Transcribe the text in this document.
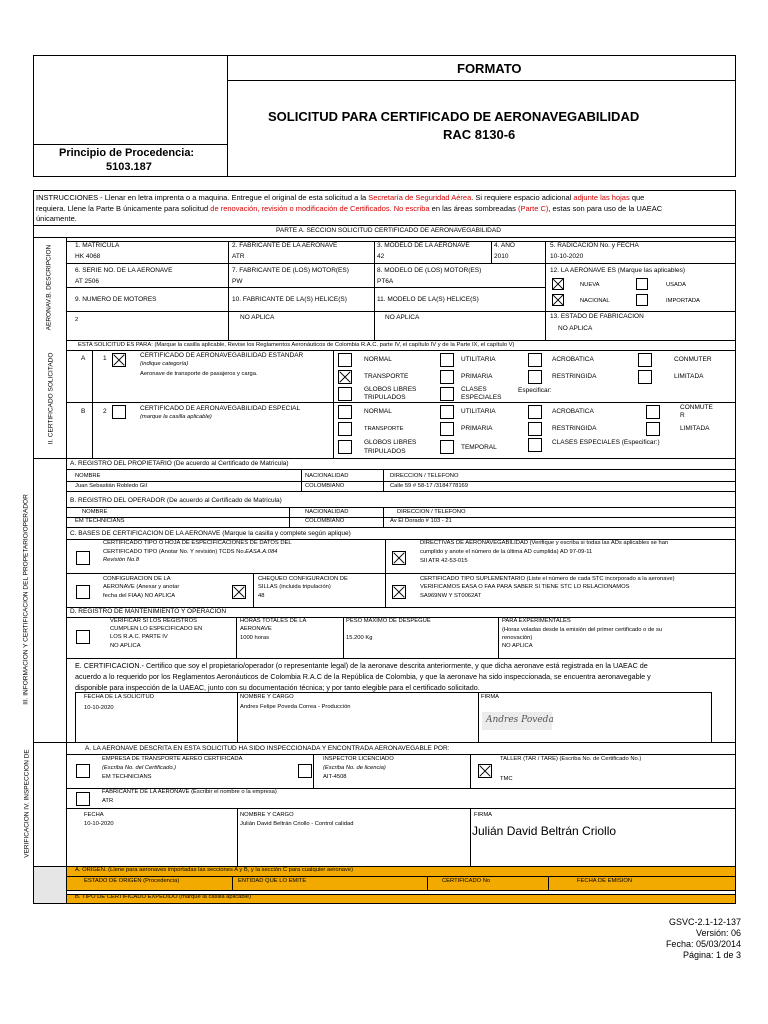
FORMATO
SOLICITUD PARA CERTIFICADO DE AERONAVEGABILIDAD
RAC 8130-6
Principio de Procedencia:
5103.187
INSTRUCCIONES - Llenar en letra imprenta o a maquina. Entregue el original de esta solicitud a la Secretaría de Seguridad Aérea. Si requiere espacio adicional adjunte las hojas que
requiera. Llene la Parte B únicamente para solicitud de renovación, revisión o modificación de Certificados. No escriba en las áreas sombreadas (Parte C), estas son para uso de la UAEAC
únicamente.
PARTE A. SECCION SOLICITUD CERTIFICADO DE AERONAVEGABILIDAD
AERONAV.B. DESCRIPCION	1. MATRICULA
HK 4068
2. FABRICANTE DE LA AERONAVE
ATR
3. MODELO DE LA AERONAVE
42
4. AÑO
2010
5. RADICACION No. y FECHA
10-10-2020
6. SERIE NO. DE LA AERONAVE
AT 2506
7. FABRICANTE DE (LOS) MOTOR(ES)
PW
8. MODELO DE (LOS) MOTOR(ES)
PT6A
12. LA AERONAVE ES (Marque las aplicables)
NUEVA	USADA
NACIONAL	IMPORTADA
9. NUMERO DE MOTORES
2
10. FABRICANTE DE LA(S) HELICE(S)
NO APLICA
11. MODELO DE LA(S) HELICE(S)
NO APLICA	13. ESTADO DE FABRICACION
NO APLICA
II. CERTIFICADO SOLICITADO
ESTA SOLICITUD ES PARA: (Marque la casilla aplicable, Revise los Reglamentos Aeronáuticos de Colombia R.A.C. parte IV, el capítulo IV y de la Parte IX, el capítulo V)
A	1	CERTIFICADO DE AERONAVEGABILIDAD ESTANDAR
(indique categoría)
Aeronave de transporte de pasajeros y carga.
NORMAL	UTILITARIA	ACROBATICA	CONMUTER
TRANSPORTE	PRIMARIA	RESTRINGIDA	LIMITADA
GLOBOS LIBRES
TRIPULADOS
CLASES
ESPECIALES
Especificar:
B	2	CERTIFICADO DE AERONAVEGABILIDAD ESPECIAL
(marque la casilla aplicable)
NORMAL	UTILITARIA	ACROBATICA
CONMUTE
R
TRANSPORTE	PRIMARIA	RESTRINGIDA	LIMITADA
GLOBOS LIBRES
TRIPULADOS
TEMPORAL
CLASES ESPECIALES (Especificar:)
III. INFORMACION Y CERTIFICACION DEL PROPETARIO/OPERADOR
A. REGISTRO DEL PROPIETARIO (De acuerdo al Certificado de Matricula)
NOMBRE	NACIONALIDAD	DIRECCION / TELEFONO
Juan Sebastián Robledo Gil	COLOMBIANO	Calle 59 # 58-17 /3184778169
B. REGISTRO DEL OPERADOR (De acuerdo al Certificado de Matricula)
NOMBRE	NACIONALIDAD	DIRECCION / TELEFONO
EM TECHNICIANS	COLOMBIANO	Av El Dorado # 103 - 21
C. BASES DE CERTIFICACION DE LA AERONAVE (Marque la casilla y complete según aplique)
CERTIFICADO TIPO O HOJA DE ESPECIFICACIONES DE DATOS DEL
CERTIFICADO TIPO (Anotar No. Y revisión) TCDS No.EASA.A.084
Revisión No.8
DIRECTIVAS DE AERONAVEGABILIDAD (Verifique y escriba si todas las ADs aplicables se han
cumplido y anote el número de la última AD cumplida) AD 97-09-11
SII ATR 42-53-015
CONFIGURACION DE LA
AERONAVE (Anexar y anotar
fecha del FIAA) NO APLICA
CHEQUEO CONFIGURACION DE
SILLAS (incluida tripulación)
48
CERTIFICADO TIPO SUPLEMENTARIO (Liste el número de cada STC incorporado a la aeronave)
VERIFICAMOS EASA O FAA PARA SABER SI TIENE STC LO RELACIONAMOS
SA969NW Y ST0062AT
D. REGISTRO DE MANTENIMIENTO Y OPERACIÓN
VERIFICAR SI LOS REGISTROS
CUMPLEN LO ESPECIFICADO EN
LOS R.A.C. PARTE IV
NO APLICA
HORAS TOTALES DE LA
AERONAVE
1000 horas
PESO MAXIMO DE DESPEGUE
15.200 Kg
PARA EXPERIMENTALES
(Horas voladas desde la emisión del primer certificado o de su
renovación)
NO APLICA
E. CERTIFICACION.- Certifico que soy el propietario/operador (o representante legal) de la aeronave descrita anteriormente, y que dicha aeronave está registrada en la UAEAC de
acuerdo a lo requerido por los Reglamentos Aeronáuticos de Colombia R.A.C de la República de Colombia, y que la aeronave ha sido inspeccionada, se encuentra aeronavegable y
disponible para inspección de la UAEAC, junto con su documentación técnica; y por tanto elegible para el certificado solicitado.
FECHA DE LA SOLICITUD
10-10-2020
NOMBRE Y CARGO
Andres Felipe Poveda Correa - Producción
FIRMA
Andres Poveda
VERIFICACION IV. INSPECCION DE
A. LA AERONAVE DESCRITA EN ESTA SOLICITUD HA SIDO INSPECCIONADA Y ENCONTRADA AERONAVEGABLE POR:
EMPRESA DE TRANSPORTE AEREO CERTIFICADA
(Escriba No. del Certificado.)
EM TECHNICIANS
INSPECTOR LICENCIADO
(Escriba No. de licencia)
AIT-4508
TALLER (TAR / TARE) (Escriba No. de Certificado No.)
TMC
FABRICANTE DE LA AERONAVE (Escribir el nombre o la empresa)
ATR
FECHA
10-10-2020
NOMBRE Y CARGO
Julián David Beltrán Criollo - Control calidad
FIRMA
Julián David Beltrán Criollo
A. ORIGEN. (Llene para aeronaves importadas las secciones A y B, y la sección C para cualquier aeronave)
ESTADO DE ORIGEN (Procedencia)	ENTIDAD QUE LO EMITE	CERTIFICADO No	FECHA DE EMISION
B. TIPO DE CERTIFICADO EXPEDIDO (marque la casilla aplicable)
GSVC-2.1-12-137
Versión: 06
Fecha: 05/03/2014
Página: 1 de 3
